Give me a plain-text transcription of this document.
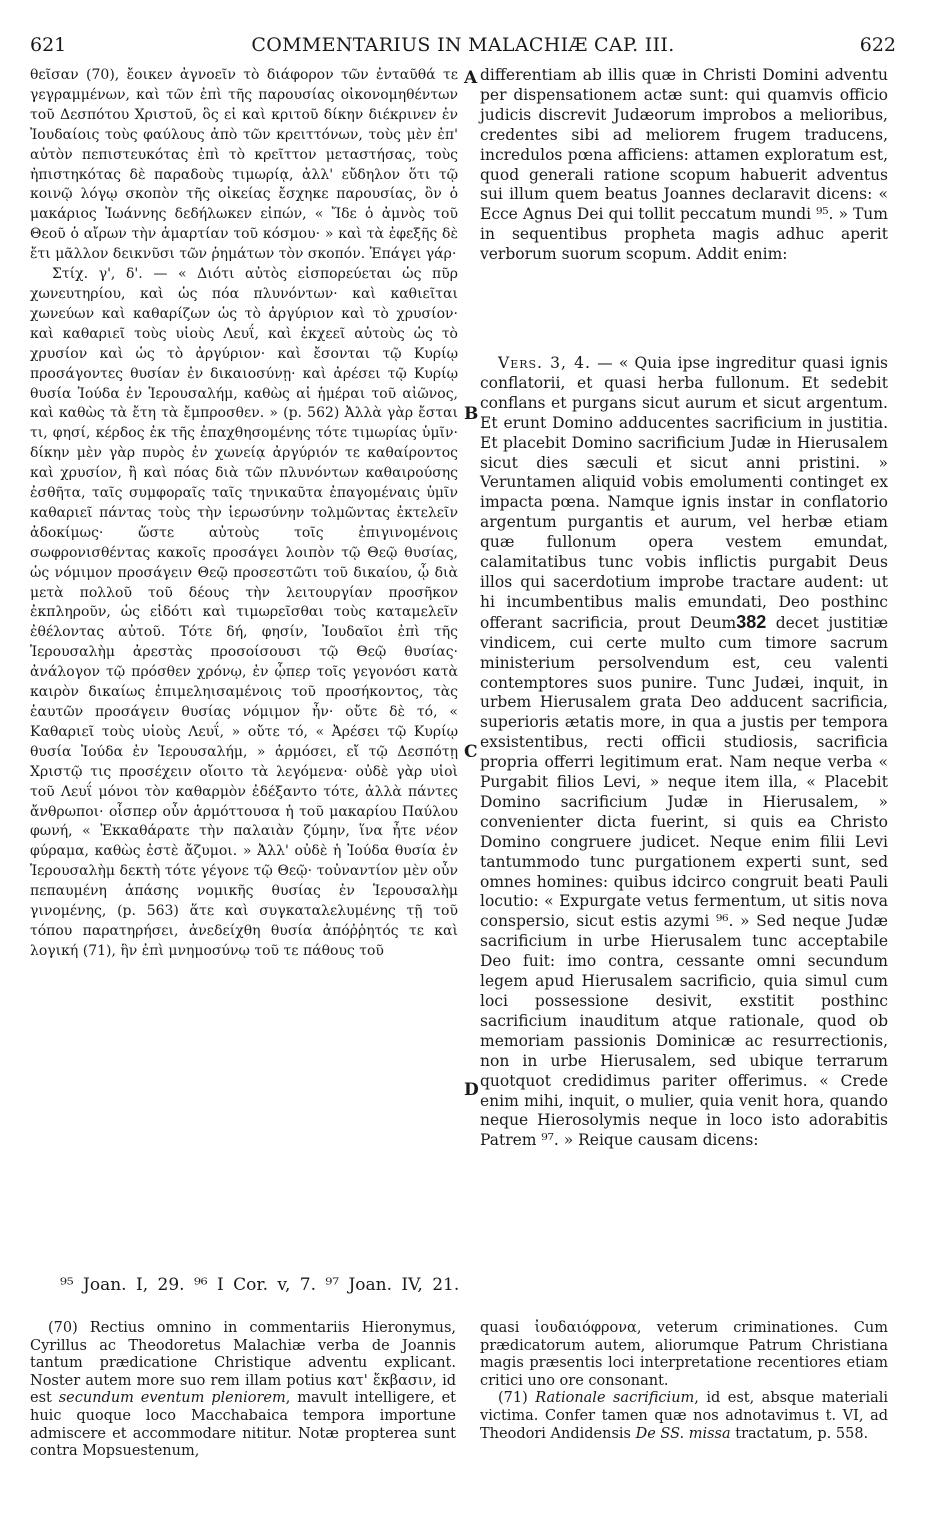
621	COMMENTARIUS IN MALACHIÆ CAP. III.	622
A
B
C
D

θεῖσαν (70), ἔοικεν ἀγνοεῖν τὸ διάφορον τῶν ἐνταῦθά τε γεγραμμένων, καὶ τῶν ἐπὶ τῆς παρουσίας οἰκονομηθέντων τοῦ Δεσπότου Χριστοῦ, ὃς εἰ καὶ κριτοῦ δίκην διέκρινεν ἐν Ἰουδαίοις τοὺς φαύλους ἀπὸ τῶν κρειττόνων, τοὺς μὲν ἐπ' αὐτὸν πεπιστευκότας ἐπὶ τὸ κρεῖττον μεταστήσας, τοὺς ἠπιστηκότας δὲ παραδοὺς τιμωρίᾳ, ἀλλ' εὔδηλον ὅτι τῷ κοινῷ λόγῳ σκοπὸν τῆς οἰκείας ἔσχηκε παρουσίας, ὃν ὁ μακάριος Ἰωάννης δεδήλωκεν εἰπών, « Ἴδε ὁ ἀμνὸς τοῦ Θεοῦ ὁ αἴρων τὴν ἁμαρτίαν τοῦ κόσμου· » καὶ τὰ ἐφεξῆς δὲ ἔτι μᾶλλον δεικνῦσι τῶν ῥημάτων τὸν σκοπόν. Ἐπάγει γάρ·

Στίχ. γ', δ'. — « Διότι αὐτὸς εἰσπορεύεται ὡς πῦρ χωνευτηρίου, καὶ ὡς πόα πλυνόντων· καὶ καθιεῖται χωνεύων καὶ καθαρίζων ὡς τὸ ἀργύριον καὶ τὸ χρυσίον· καὶ καθαριεῖ τοὺς υἱοὺς Λευΐ, καὶ ἐκχεεῖ αὐτοὺς ὡς τὸ χρυσίον καὶ ὡς τὸ ἀργύριον· καὶ ἔσονται τῷ Κυρίῳ προσάγοντες θυσίαν ἐν δικαιοσύνῃ· καὶ ἀρέσει τῷ Κυρίῳ θυσία Ἰούδα ἐν Ἱερουσαλήμ, καθὼς αἱ ἡμέραι τοῦ αἰῶνος, καὶ καθὼς τὰ ἔτη τὰ ἔμπροσθεν. » (p. 562) Ἀλλὰ γὰρ ἔσται τι, φησί, κέρδος ἐκ τῆς ἐπαχθησομένης τότε τιμωρίας ὑμῖν· δίκην μὲν γὰρ πυρὸς ἐν χωνείᾳ ἀργύριόν τε καθαίροντος καὶ χρυσίον, ἢ καὶ πόας διὰ τῶν πλυνόντων καθαιρούσης ἐσθῆτα, ταῖς συμφοραῖς ταῖς τηνικαῦτα ἐπαγομέναις ὑμῖν καθαριεῖ πάντας τοὺς τὴν ἱερωσύνην τολμῶντας ἐκτελεῖν ἀδοκίμως· ὥστε αὐτοὺς τοῖς ἐπιγινομένοις σωφρονισθέντας κακοῖς προσάγει λοιπὸν τῷ Θεῷ θυσίας, ὡς νόμιμον προσάγειν Θεῷ προσεστῶτι τοῦ δικαίου, ᾧ διὰ μετὰ πολλοῦ τοῦ δέους τὴν λειτουργίαν προσῆκον ἐκπληροῦν, ὡς εἰδότι καὶ τιμωρεῖσθαι τοὺς καταμελεῖν ἐθέλοντας αὐτοῦ. Τότε δή, φησίν, Ἰουδαῖοι ἐπὶ τῆς Ἱερουσαλὴμ ἀρεστὰς προσοίσουσι τῷ Θεῷ θυσίας· ἀνάλογον τῷ πρόσθεν χρόνῳ, ἐν ᾧπερ τοῖς γεγονόσι κατὰ καιρὸν δικαίως ἐπιμεληισαμένοις τοῦ προσήκοντος, τὰς ἑαυτῶν προσάγειν θυσίας νόμιμον ἦν· οὔτε δὲ τό, « Καθαριεῖ τοὺς υἱοὺς Λευΐ, » οὔτε τό, « Ἀρέσει τῷ Κυρίῳ θυσία Ἰούδα ἐν Ἱερουσαλήμ, » ἁρμόσει, εἴ τῷ Δεσπότῃ Χριστῷ τις προσέχειν οἴοιτο τὰ λεγόμενα· οὐδὲ γὰρ υἱοὶ τοῦ Λευΐ μόνοι τὸν καθαρμὸν ἐδέξαντο τότε, ἀλλὰ πάντες ἄνθρωποι· οἷσπερ οὖν ἁρμόττουσα ἡ τοῦ μακαρίου Παύλου φωνή, « Ἐκκαθάρατε τὴν παλαιὰν ζύμην, ἵνα ἦτε νέον φύραμα, καθὼς ἐστὲ ἄζυμοι. » Ἀλλ' οὐδὲ ἡ Ἰούδα θυσία ἐν Ἱερουσαλὴμ δεκτὴ τότε γέγονε τῷ Θεῷ· τοὐναντίον μὲν οὖν πεπαυμένη ἁπάσης νομικῆς θυσίας ἐν Ἱερουσαλὴμ γινομένης, (p. 563) ἅτε καὶ συγκαταλελυμένης τῇ τοῦ τόπου παρατηρήσει, ἀνεδείχθη θυσία ἀπόῤῥητός τε καὶ λογική (71), ἣν ἐπὶ μνημοσύνῳ τοῦ τε πάθους τοῦ

differentiam ab illis quæ in Christi Domini adventu per dispensationem actæ sunt: qui quamvis officio judicis discrevit Judæorum improbos a melioribus, credentes sibi ad meliorem frugem traducens, incredulos pœna afficiens: attamen exploratum est, quod generali ratione scopum habuerit adventus sui illum quem beatus Joannes declaravit dicens: « Ecce Agnus Dei qui tollit peccatum mundi ⁹⁵. » Tum in sequentibus propheta magis adhuc aperit verborum suorum scopum. Addit enim:

Vers. 3, 4. — « Quia ipse ingreditur quasi ignis conflatorii, et quasi herba fullonum. Et sedebit conflans et purgans sicut aurum et sicut argentum. Et erunt Domino adducentes sacrificium in justitia. Et placebit Domino sacrificium Judæ in Hierusalem sicut dies sæculi et sicut anni pristini. » Veruntamen aliquid vobis emolumenti continget ex impacta pœna. Namque ignis instar in conflatorio argentum purgantis et aurum, vel herbæ etiam quæ fullonum opera vestem emundat, calamitatibus tunc vobis inflictis purgabit Deus illos qui sacerdotium improbe tractare audent: ut hi incumbentibus malis emundati, Deo posthinc offerant sacrificia, prout Deum382 decet justitiæ vindicem, cui certe multo cum timore sacrum ministerium persolvendum est, ceu valenti contemptores suos punire. Tunc Judæi, inquit, in urbem Hierusalem grata Deo adducent sacrificia, superioris ætatis more, in qua a justis per tempora exsistentibus, recti officii studiosis, sacrificia propria offerri legitimum erat. Nam neque verba « Purgabit filios Levi, » neque item illa, « Placebit Domino sacrificium Judæ in Hierusalem, » convenienter dicta fuerint, si quis ea Christo Domino congruere judicet. Neque enim filii Levi tantummodo tunc purgationem experti sunt, sed omnes homines: quibus idcirco congruit beati Pauli locutio: « Expurgate vetus fermentum, ut sitis nova conspersio, sicut estis azymi ⁹⁶. » Sed neque Judæ sacrificium in urbe Hierusalem tunc acceptabile Deo fuit: imo contra, cessante omni secundum legem apud Hierusalem sacrificio, quia simul cum loci possessione desivit, exstitit posthinc sacrificium inauditum atque rationale, quod ob memoriam passionis Dominicæ ac resurrectionis, non in urbe Hierusalem, sed ubique terrarum quotquot credidimus pariter offerimus. « Crede enim mihi, inquit, o mulier, quia venit hora, quando neque Hierosolymis neque in loco isto adorabitis Patrem ⁹⁷. » Reique causam dicens:

⁹⁵ Joan. I, 29. ⁹⁶ I Cor. v, 7. ⁹⁷ Joan. IV, 21.

(70) Rectius omnino in commentariis Hieronymus, Cyrillus ac Theodoretus Malachiæ verba de Joannis tantum prædicatione Christique adventu explicant. Noster autem more suo rem illam potius κατ' ἔκβασιν, id est secundum eventum pleniorem, mavult intelligere, et huic quoque loco Macchabaica tempora importune admiscere et accommodare nititur. Notæ propterea sunt contra Mopsuestenum,

quasi ἰουδαιόφρονα, veterum criminationes. Cum prædicatorum autem, aliorumque Patrum Christiana magis præsentis loci interpretatione recentiores etiam critici uno ore consonant.

(71) Rationale sacrificium, id est, absque materiali victima. Confer tamen quæ nos adnotavimus t. VI, ad Theodori Andidensis De SS. missa tractatum, p. 558.
